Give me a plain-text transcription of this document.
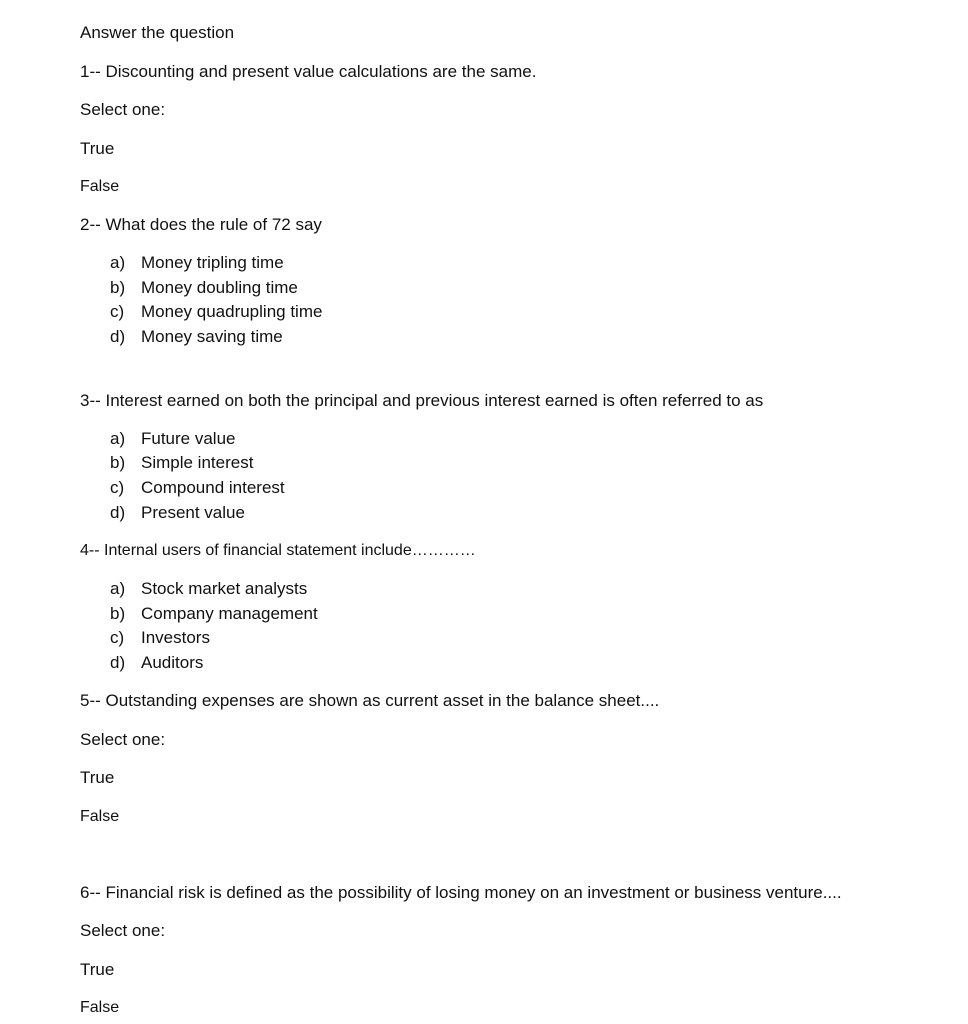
Answer the question
1-- Discounting and present value calculations are the same.
Select one:
True
False
2-- What does the rule of 72 say
a) Money tripling time
b) Money doubling time
c) Money quadrupling time
d) Money saving time
3-- Interest earned on both the principal and previous interest earned is often referred to as
a) Future value
b) Simple interest
c) Compound interest
d) Present value
4-- Internal users of financial statement include…………
a) Stock market analysts
b) Company management
c) Investors
d) Auditors
5-- Outstanding expenses are shown as current asset in the balance sheet....
Select one:
True
False
6-- Financial risk is defined as the possibility of losing money on an investment or business venture....
Select one:
True
False
